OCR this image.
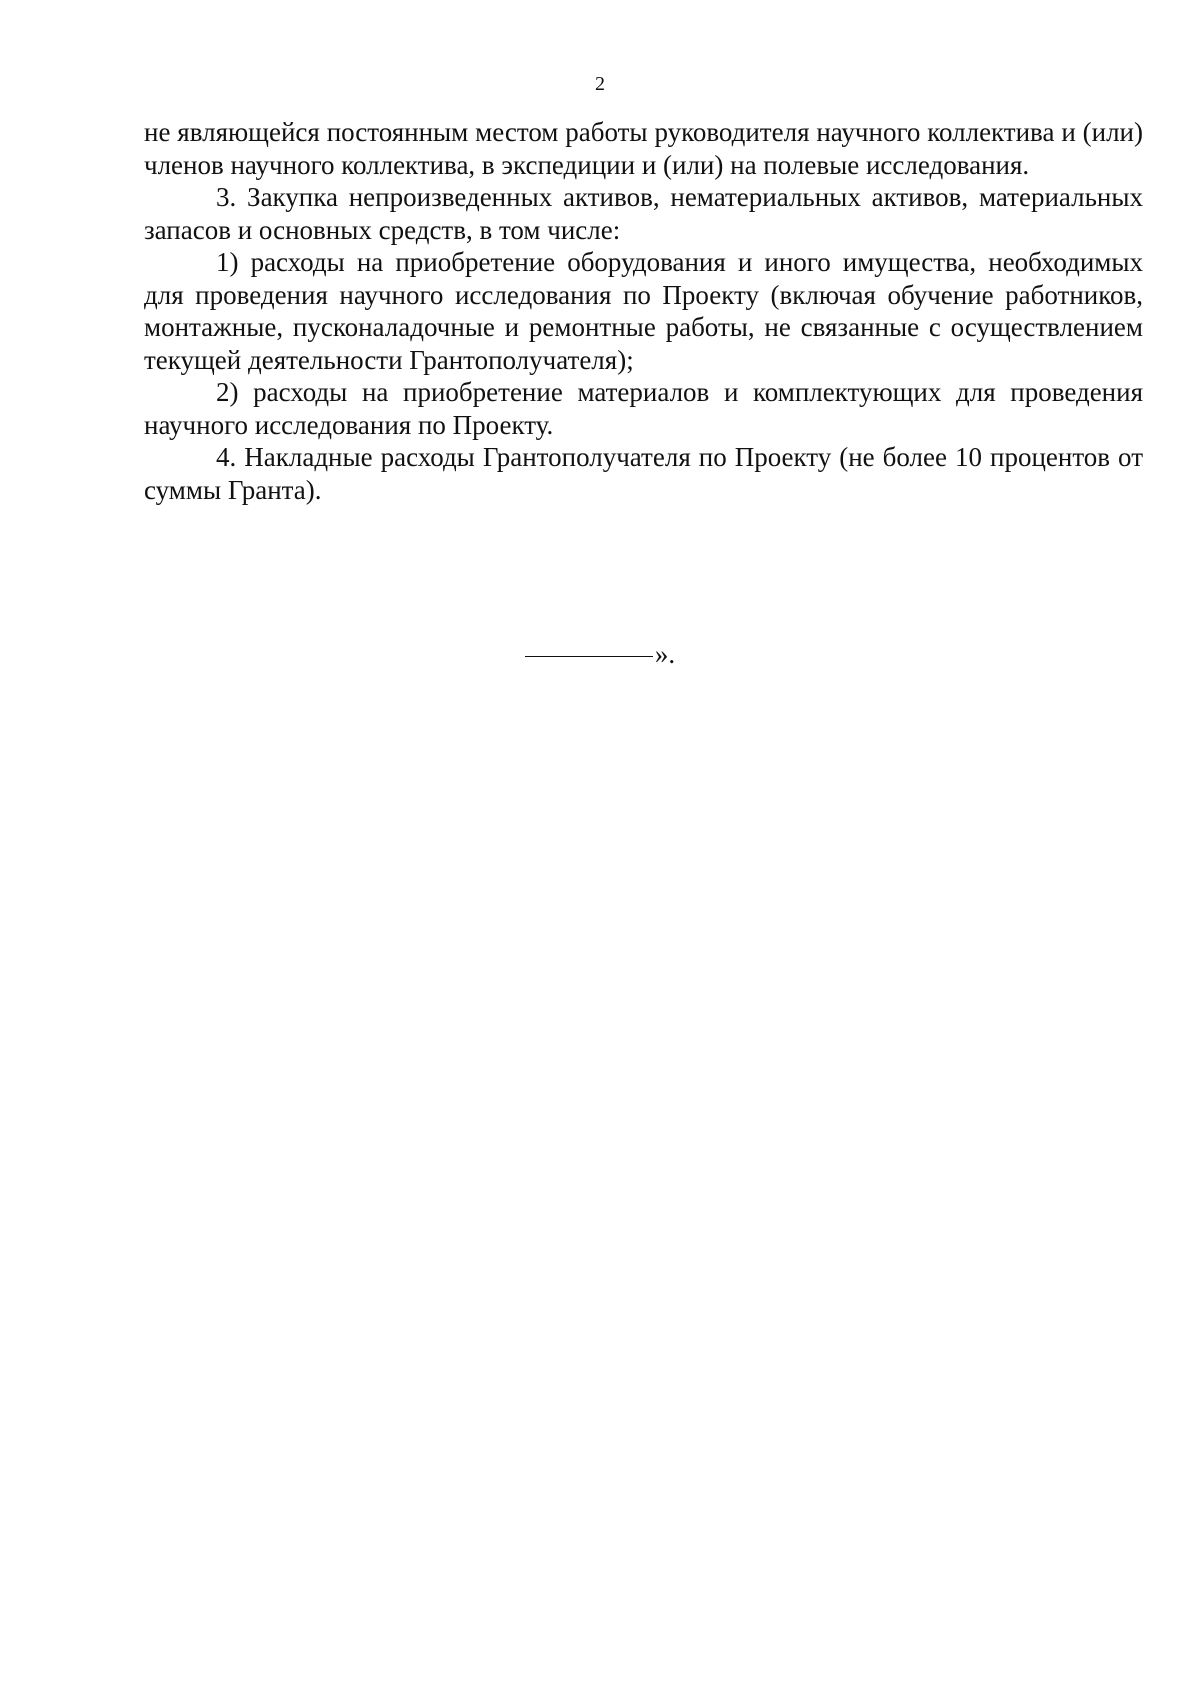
2

не являющейся постоянным местом работы руководителя научного коллектива и (или) членов научного коллектива, в экспедиции и (или) на полевые исследования.

3. Закупка непроизведенных активов, нематериальных активов, материальных запасов и основных средств, в том числе:

1) расходы на приобретение оборудования и иного имущества, необходимых для проведения научного исследования по Проекту (включая обучение работников, монтажные, пусконаладочные и ремонтные работы, не связанные с осуществлением текущей деятельности Грантополучателя);

2) расходы на приобретение материалов и комплектующих для проведения научного исследования по Проекту.

4. Накладные расходы Грантополучателя по Проекту (не более 10 процентов от суммы Гранта).

».
